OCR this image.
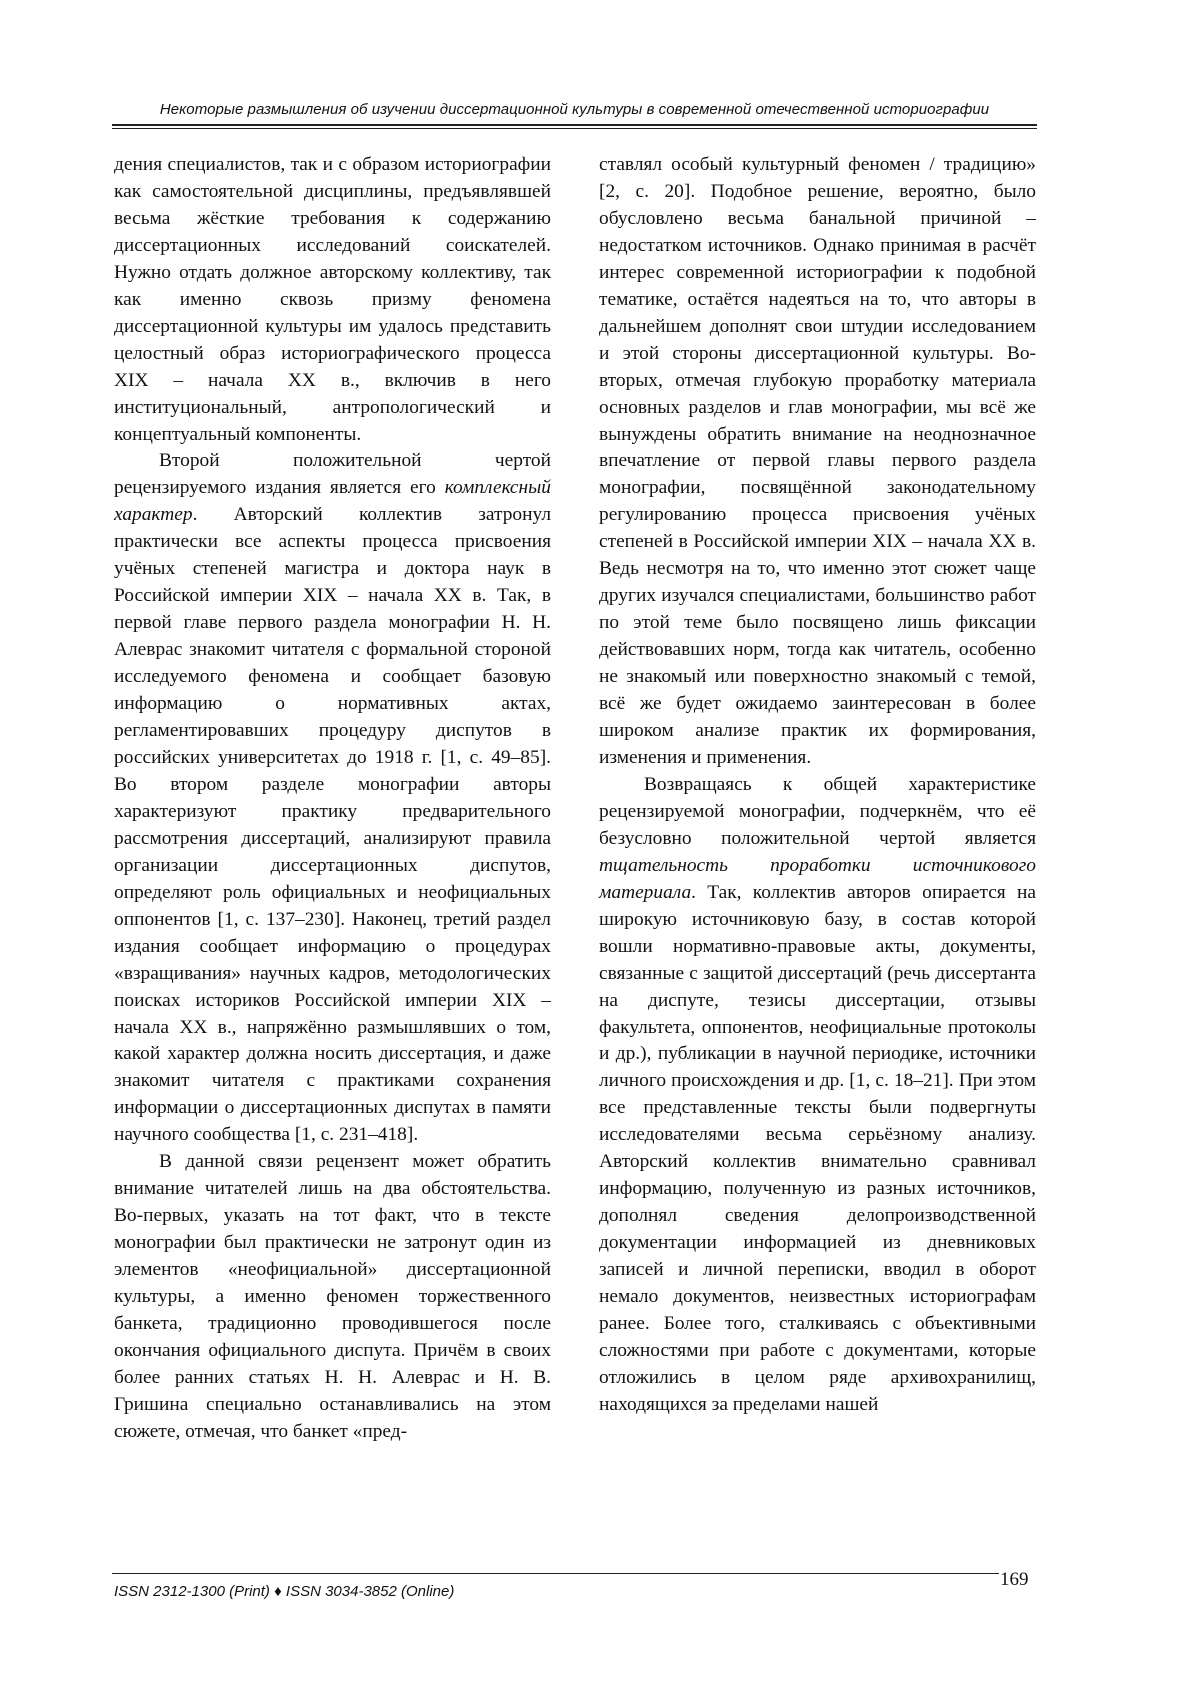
Некоторые размышления об изучении диссертационной культуры в современной отечественной историографии

дения специалистов, так и с образом историографии как самостоятельной дисциплины, предъявлявшей весьма жёсткие требования к содержанию диссертационных исследований соискателей. Нужно отдать должное авторскому коллективу, так как именно сквозь призму феномена диссертационной культуры им удалось представить целостный образ историографического процесса XIX – начала XX в., включив в него институциональный, антропологический и концептуальный компоненты.

Второй положительной чертой рецензируемого издания является его комплексный характер. Авторский коллектив затронул практически все аспекты процесса присвоения учёных степеней магистра и доктора наук в Российской империи XIX – начала XX в. Так, в первой главе первого раздела монографии Н. Н. Алеврас знакомит читателя с формальной стороной исследуемого феномена и сообщает базовую информацию о нормативных актах, регламентировавших процедуру диспутов в российских университетах до 1918 г. [1, с. 49–85]. Во втором разделе монографии авторы характеризуют практику предварительного рассмотрения диссертаций, анализируют правила организации диссертационных диспутов, определяют роль официальных и неофициальных оппонентов [1, с. 137–230]. Наконец, третий раздел издания сообщает информацию о процедурах «взращивания» научных кадров, методологических поисках историков Российской империи XIX – начала XX в., напряжённо размышлявших о том, какой характер должна носить диссертация, и даже знакомит читателя с практиками сохранения информации о диссертационных диспутах в памяти научного сообщества [1, с. 231–418].

В данной связи рецензент может обратить внимание читателей лишь на два обстоятельства. Во-первых, указать на тот факт, что в тексте монографии был практически не затронут один из элементов «неофициальной» диссертационной культуры, а именно феномен торжественного банкета, традиционно проводившегося после окончания официального диспута. Причём в своих более ранних статьях Н. Н. Алеврас и Н. В. Гришина специально останавливались на этом сюжете, отмечая, что банкет «пред-

ставлял особый культурный феномен / традицию» [2, с. 20]. Подобное решение, вероятно, было обусловлено весьма банальной причиной – недостатком источников. Однако принимая в расчёт интерес современной историографии к подобной тематике, остаётся надеяться на то, что авторы в дальнейшем дополнят свои штудии исследованием и этой стороны диссертационной культуры. Во-вторых, отмечая глубокую проработку материала основных разделов и глав монографии, мы всё же вынуждены обратить внимание на неоднозначное впечатление от первой главы первого раздела монографии, посвящённой законодательному регулированию процесса присвоения учёных степеней в Российской империи XIX – начала XX в. Ведь несмотря на то, что именно этот сюжет чаще других изучался специалистами, большинство работ по этой теме было посвящено лишь фиксации действовавших норм, тогда как читатель, особенно не знакомый или поверхностно знакомый с темой, всё же будет ожидаемо заинтересован в более широком анализе практик их формирования, изменения и применения.

Возвращаясь к общей характеристике рецензируемой монографии, подчеркнём, что её безусловно положительной чертой является тщательность проработки источникового материала. Так, коллектив авторов опирается на широкую источниковую базу, в состав которой вошли нормативно-правовые акты, документы, связанные с защитой диссертаций (речь диссертанта на диспуте, тезисы диссертации, отзывы факультета, оппонентов, неофициальные протоколы и др.), публикации в научной периодике, источники личного происхождения и др. [1, с. 18–21]. При этом все представленные тексты были подвергнуты исследователями весьма серьёзному анализу. Авторский коллектив внимательно сравнивал информацию, полученную из разных источников, дополнял сведения делопроизводственной документации информацией из дневниковых записей и личной переписки, вводил в оборот немало документов, неизвестных историографам ранее. Более того, сталкиваясь с объективными сложностями при работе с документами, которые отложились в целом ряде архивохранилищ, находящихся за пределами нашей

ISSN 2312-1300 (Print) ♦ ISSN 3034-3852 (Online)
169
